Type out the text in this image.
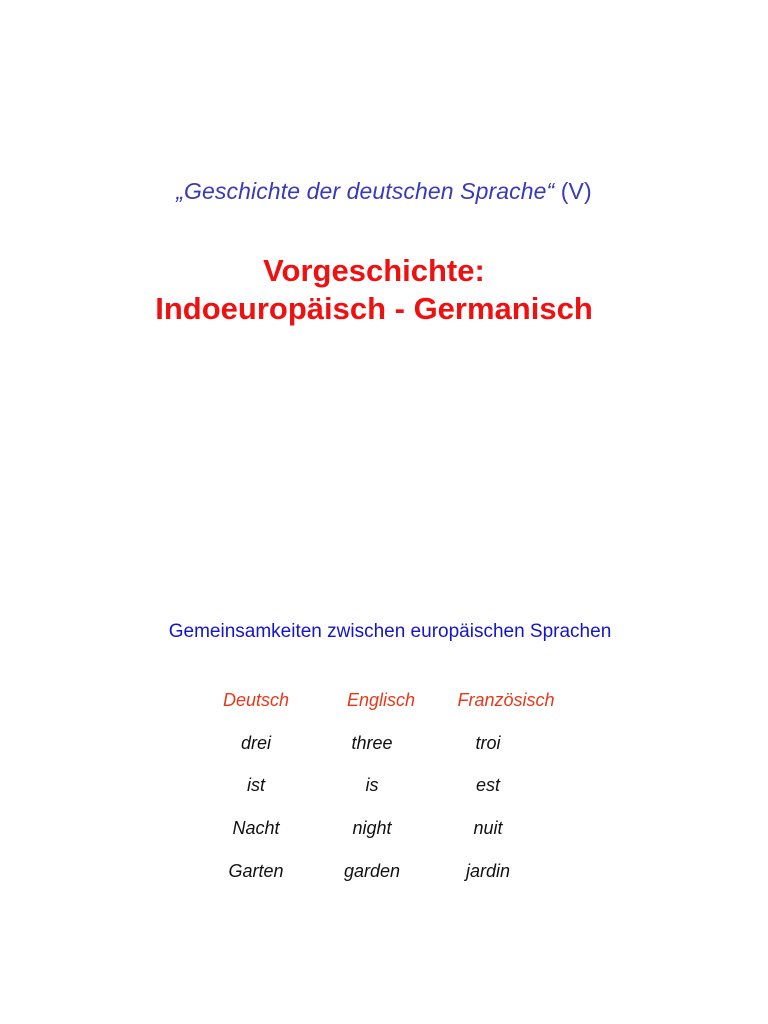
„Geschichte der deutschen Sprache“ (V)
Vorgeschichte:
Indoeuropäisch - Germanisch
Gemeinsamkeiten zwischen europäischen Sprachen
Deutsch	Englisch	Französisch
drei	three	troi
ist	is	est
Nacht	night	nuit
Garten	garden	jardin
